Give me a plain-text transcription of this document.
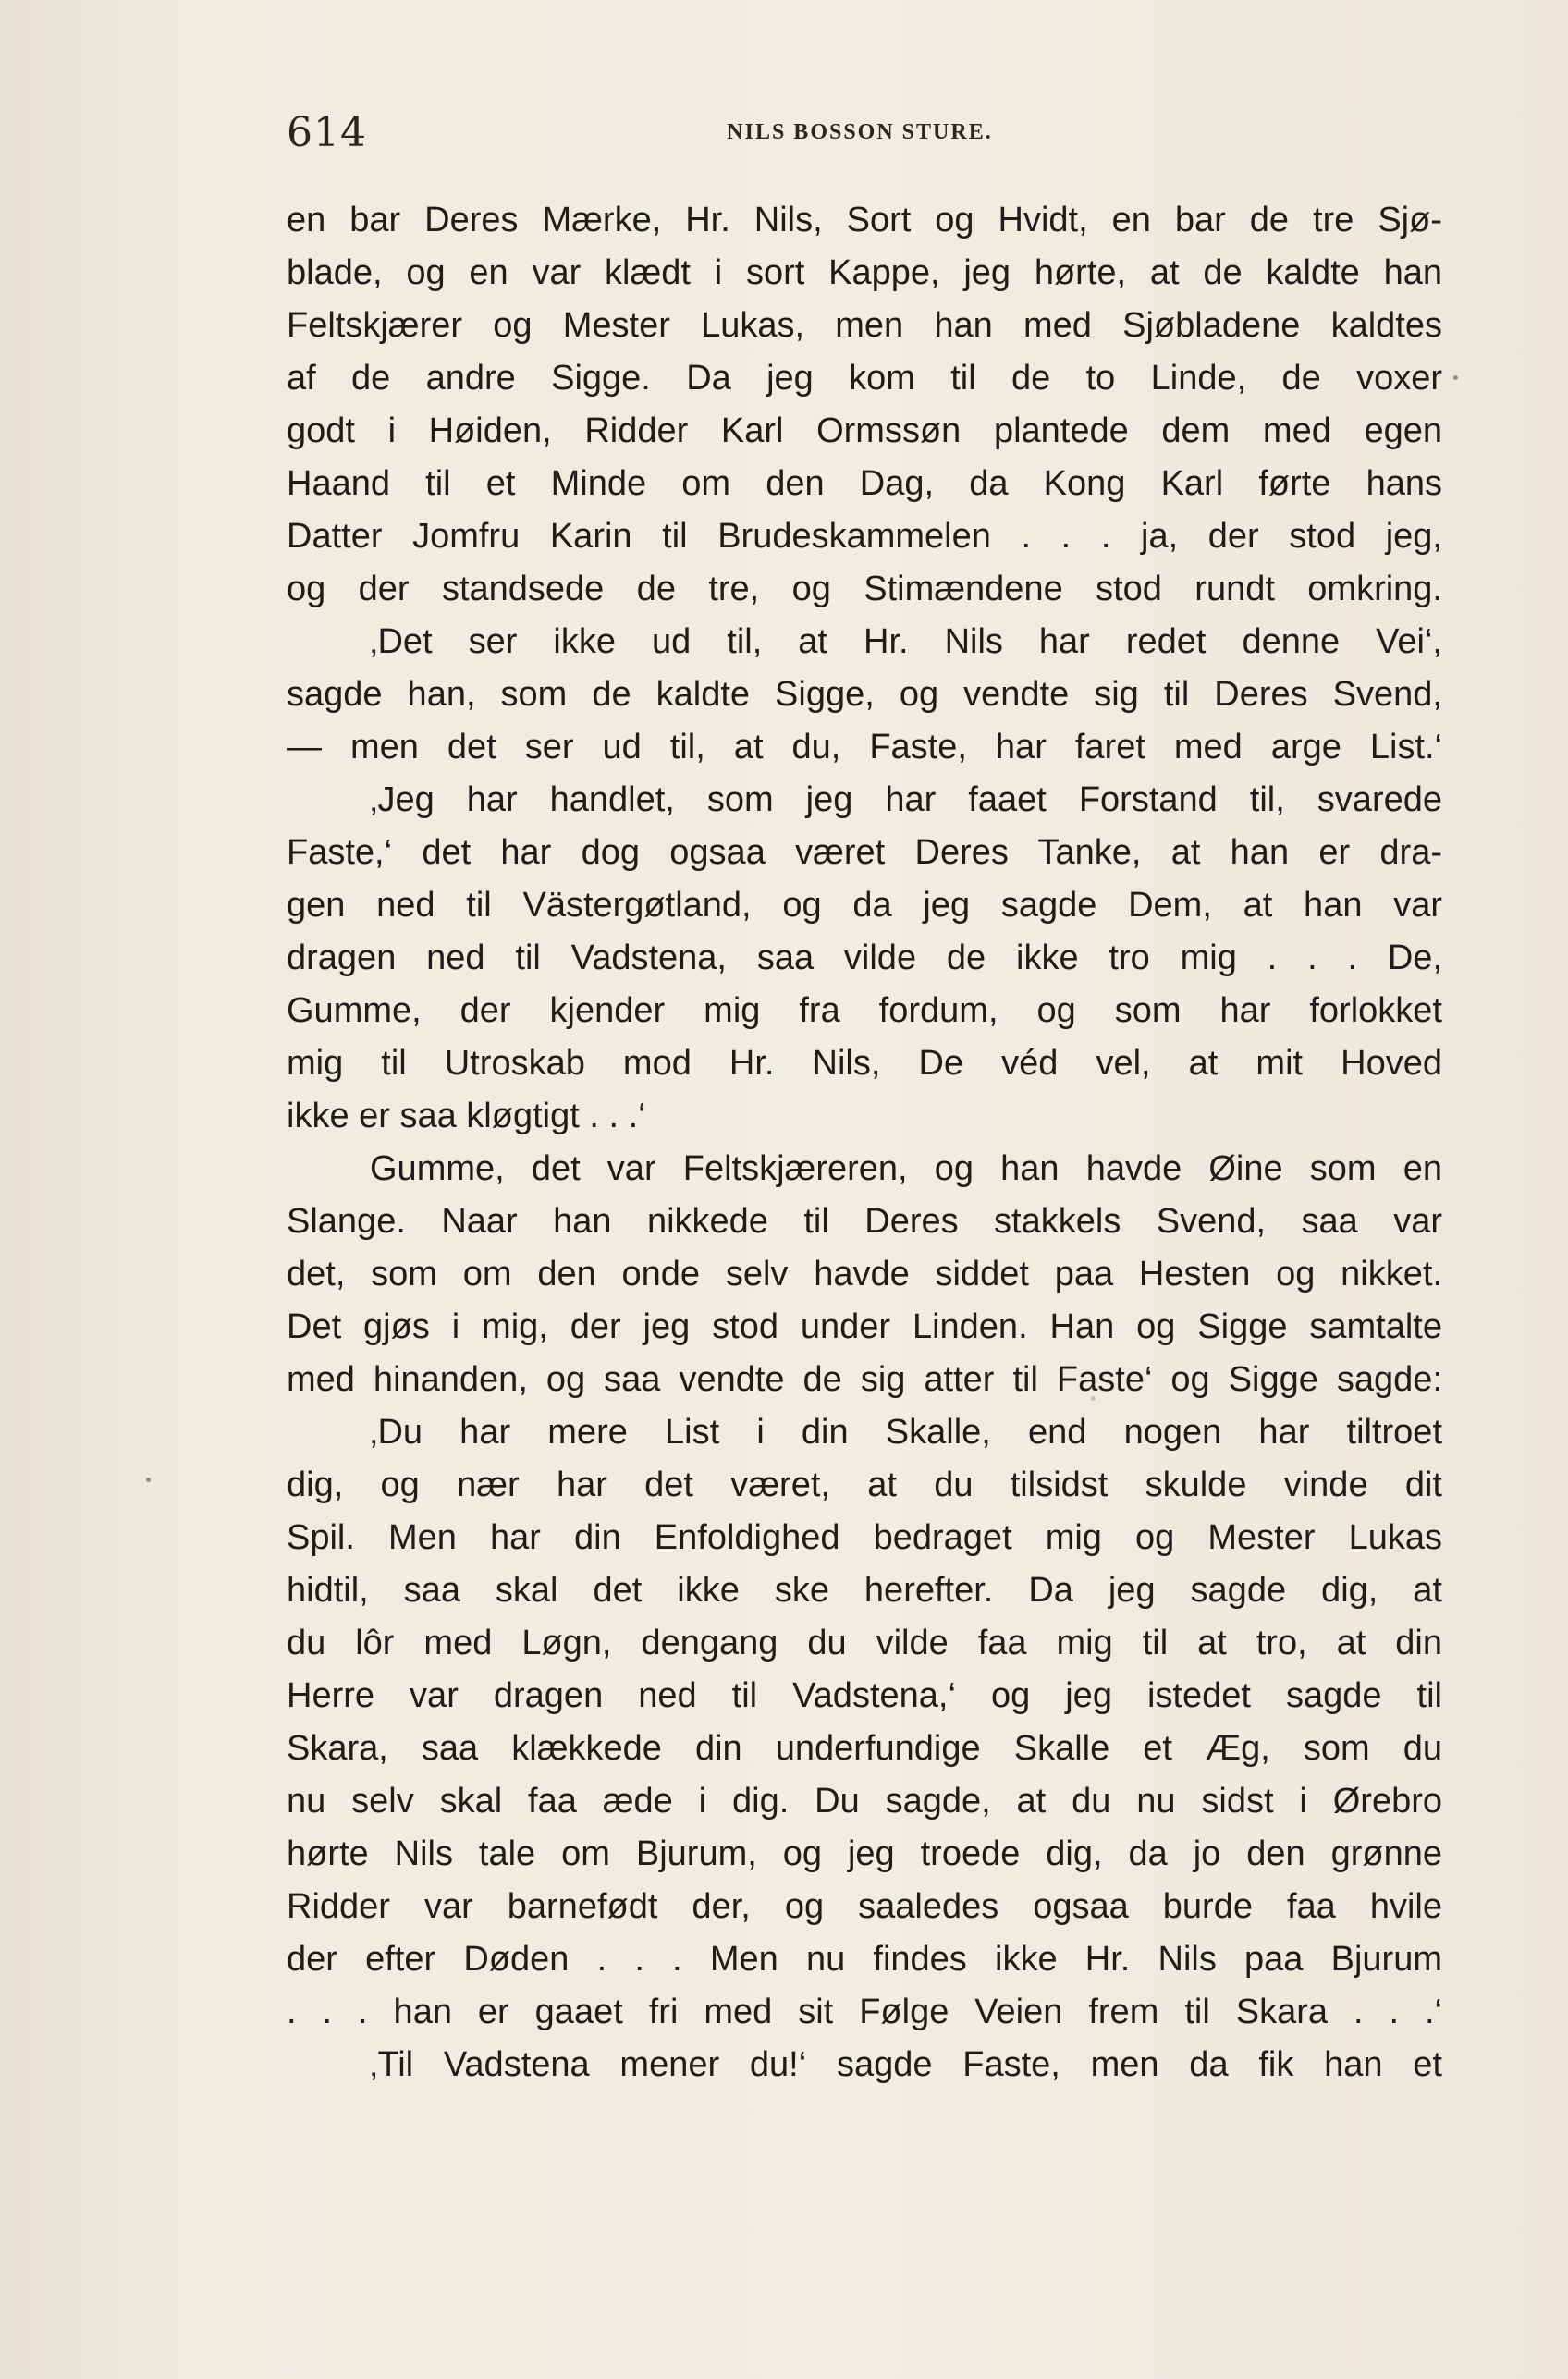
614	NILS BOSSON STURE.
en bar Deres Mærke, Hr. Nils, Sort og Hvidt, en bar de tre Sjø-
blade, og en var klædt i sort Kappe, jeg hørte, at de kaldte han
Feltskjærer og Mester Lukas, men han med Sjøbladene kaldtes
af de andre Sigge. Da jeg kom til de to Linde, de voxer
godt i Høiden, Ridder Karl Ormssøn plantede dem med egen
Haand til et Minde om den Dag, da Kong Karl førte hans
Datter Jomfru Karin til Brudeskammelen . . . ja, der stod jeg,
og der standsede de tre, og Stimændene stod rundt omkring.
‚Det ser ikke ud til, at Hr. Nils har redet denne Vei‘,
sagde han, som de kaldte Sigge, og vendte sig til Deres Svend,
— men det ser ud til, at du, Faste, har faret med arge List.‘
‚Jeg har handlet, som jeg har faaet Forstand til, svarede
Faste,‘ det har dog ogsaa været Deres Tanke, at han er dra-
gen ned til Västergøtland, og da jeg sagde Dem, at han var
dragen ned til Vadstena, saa vilde de ikke tro mig . . . De,
Gumme, der kjender mig fra fordum, og som har forlokket
mig til Utroskab mod Hr. Nils, De véd vel, at mit Hoved
ikke er saa kløgtigt . . .‘
Gumme, det var Feltskjæreren, og han havde Øine som en
Slange. Naar han nikkede til Deres stakkels Svend, saa var
det, som om den onde selv havde siddet paa Hesten og nikket.
Det gjøs i mig, der jeg stod under Linden. Han og Sigge samtalte
med hinanden, og saa vendte de sig atter til Faste‘ og Sigge sagde:
‚Du har mere List i din Skalle, end nogen har tiltroet
dig, og nær har det været, at du tilsidst skulde vinde dit
Spil. Men har din Enfoldighed bedraget mig og Mester Lukas
hidtil, saa skal det ikke ske herefter. Da jeg sagde dig, at
du lôr med Løgn, dengang du vilde faa mig til at tro, at din
Herre var dragen ned til Vadstena,‘ og jeg istedet sagde til
Skara, saa klækkede din underfundige Skalle et Æg, som du
nu selv skal faa æde i dig. Du sagde, at du nu sidst i Ørebro
hørte Nils tale om Bjurum, og jeg troede dig, da jo den grønne
Ridder var barnefødt der, og saaledes ogsaa burde faa hvile
der efter Døden . . . Men nu findes ikke Hr. Nils paa Bjurum
. . . han er gaaet fri med sit Følge Veien frem til Skara . . .‘
‚Til Vadstena mener du!‘ sagde Faste, men da fik han et
